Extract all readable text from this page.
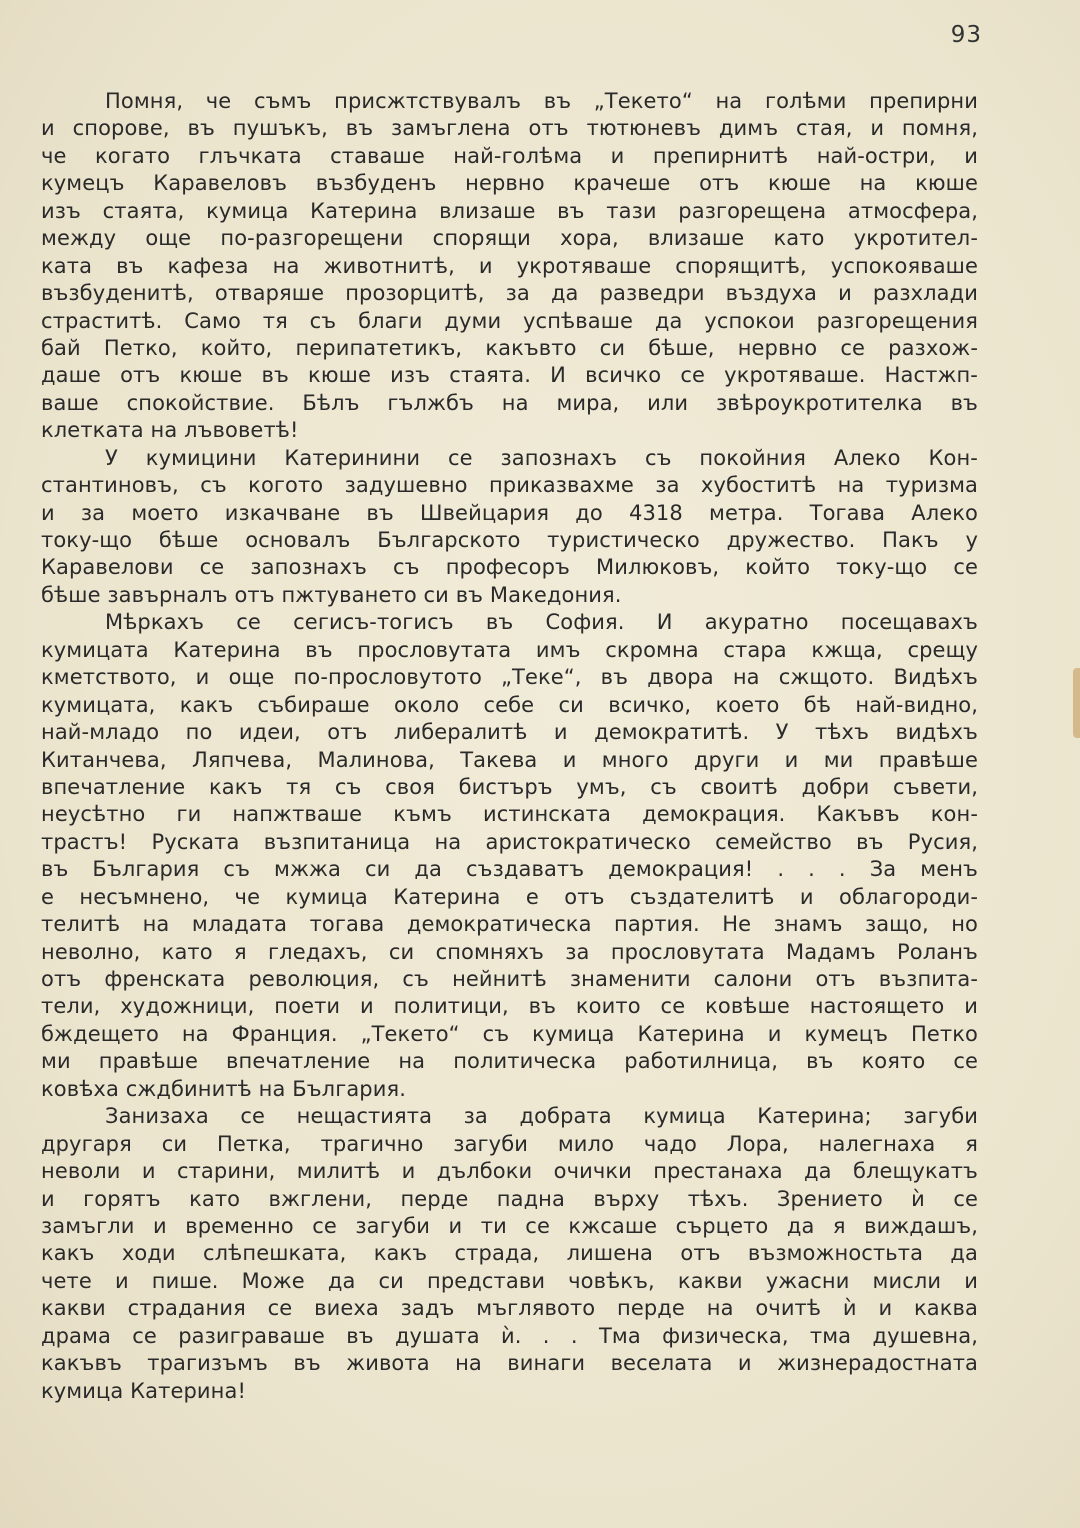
93
Помня, че съмъ присжтствувалъ въ „Текето“ на голѣми препирни
и спорове, въ пушъкъ, въ замъглена отъ тютюневъ димъ стая, и помня,
че когато глъчката ставаше най-голѣма и препирнитѣ най-остри, и
кумецъ Каравеловъ възбуденъ нервно крачеше отъ кюше на кюше
изъ стаята, кумица Катерина влизаше въ тази разгорещена атмосфера,
между още по-разгорещени спорящи хора, влизаше като укротител-
ката въ кафеза на животнитѣ, и укротяваше спорящитѣ, успокояваше
възбуденитѣ, отваряше прозорцитѣ, за да разведри въздуха и разхлади
страститѣ. Само тя съ благи думи успѣваше да успокои разгорещения
бай Петко, който, перипатетикъ, какъвто си бѣше, нервно се разхож-
даше отъ кюше въ кюше изъ стаята. И всичко се укротяваше. Настжп-
ваше спокойствие. Бѣлъ гължбъ на мира, или звѣроукротителка въ
клетката на лъвоветѣ!
У кумицини Катеринини се запознахъ съ покойния Алеко Кон-
стантиновъ, съ когото задушевно приказвахме за хубоститѣ на туризма
и за моето изкачване въ Швейцария до 4318 метра. Тогава Алеко
току-що бѣше основалъ Българското туристическо дружество. Пакъ у
Каравелови се запознахъ съ професоръ Милюковъ, който току-що се
бѣше завърналъ отъ пжтуването си въ Македония.
Мѣркахъ се сегисъ-тогисъ въ София. И акуратно посещавахъ
кумицата Катерина въ прословутата имъ скромна стара кжща, срещу
кметството, и още по-прословутото „Теке“, въ двора на сжщото. Видѣхъ
кумицата, какъ събираше около себе си всичко, което бѣ най-видно,
най-младо по идеи, отъ либералитѣ и демократитѣ. У тѣхъ видѣхъ
Китанчева, Ляпчева, Малинова, Такева и много други и ми правѣше
впечатление какъ тя съ своя бистъръ умъ, съ своитѣ добри съвети,
неусѣтно ги напжтваше къмъ истинската демокрация. Какъвъ кон-
трастъ! Руската възпитаница на аристократическо семейство въ Русия,
въ България съ мжжа си да създаватъ демокрация! . . . За менъ
е несъмнено, че кумица Катерина е отъ създателитѣ и облагороди-
телитѣ на младата тогава демократическа партия. Не знамъ защо, но
неволно, като я гледахъ, си спомняхъ за прословутата Мадамъ Роланъ
отъ френската революция, съ нейнитѣ знаменити салони отъ възпита-
тели, художници, поети и политици, въ които се ковѣше настоящето и
бждещето на Франция. „Текето“ съ кумица Катерина и кумецъ Петко
ми правѣше впечатление на политическа работилница, въ която се
ковѣха сждбинитѣ на България.
Занизаха се нещастията за добрата кумица Катерина; загуби
другаря си Петка, трагично загуби мило чадо Лора, налегнаха я
неволи и старини, милитѣ и дълбоки очички престанаха да блещукатъ
и горятъ като вжглени, перде падна върху тѣхъ. Зрението ѝ се
замъгли и временно се загуби и ти се кжсаше сърцето да я виждашъ,
какъ ходи слѣпешката, какъ страда, лишена отъ възможностьта да
чете и пише. Може да си представи човѣкъ, какви ужасни мисли и
какви страдания се виеха задъ мъглявото перде на очитѣ ѝ и каква
драма се разиграваше въ душата ѝ. . . Тма физическа, тма душевна,
какъвъ трагизъмъ въ живота на винаги веселата и жизнерадостната
кумица Катерина!
